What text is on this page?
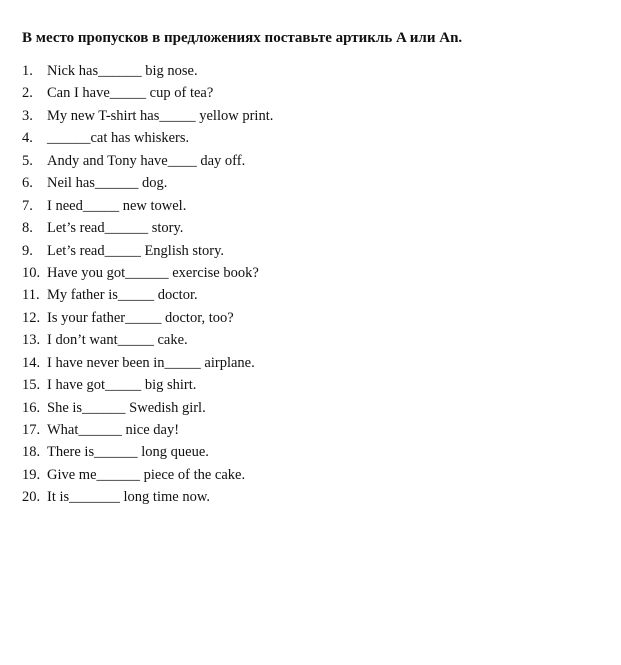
В место пропусков в предложениях поставьте артикль A или An.
1. Nick has______ big nose.
2. Can I have_____ cup of tea?
3. My new T-shirt has_____ yellow print.
4. ______cat has whiskers.
5. Andy and Tony have____ day off.
6. Neil has______ dog.
7. I need_____ new towel.
8. Let’s read______ story.
9. Let’s read_____ English story.
10. Have you got______ exercise book?
11. My father is_____ doctor.
12. Is your father_____ doctor, too?
13. I don’t want_____ cake.
14. I have never been in_____ airplane.
15. I have got_____ big shirt.
16. She is______ Swedish girl.
17. What______ nice day!
18. There is______ long queue.
19. Give me______ piece of the cake.
20. It is_______ long time now.
